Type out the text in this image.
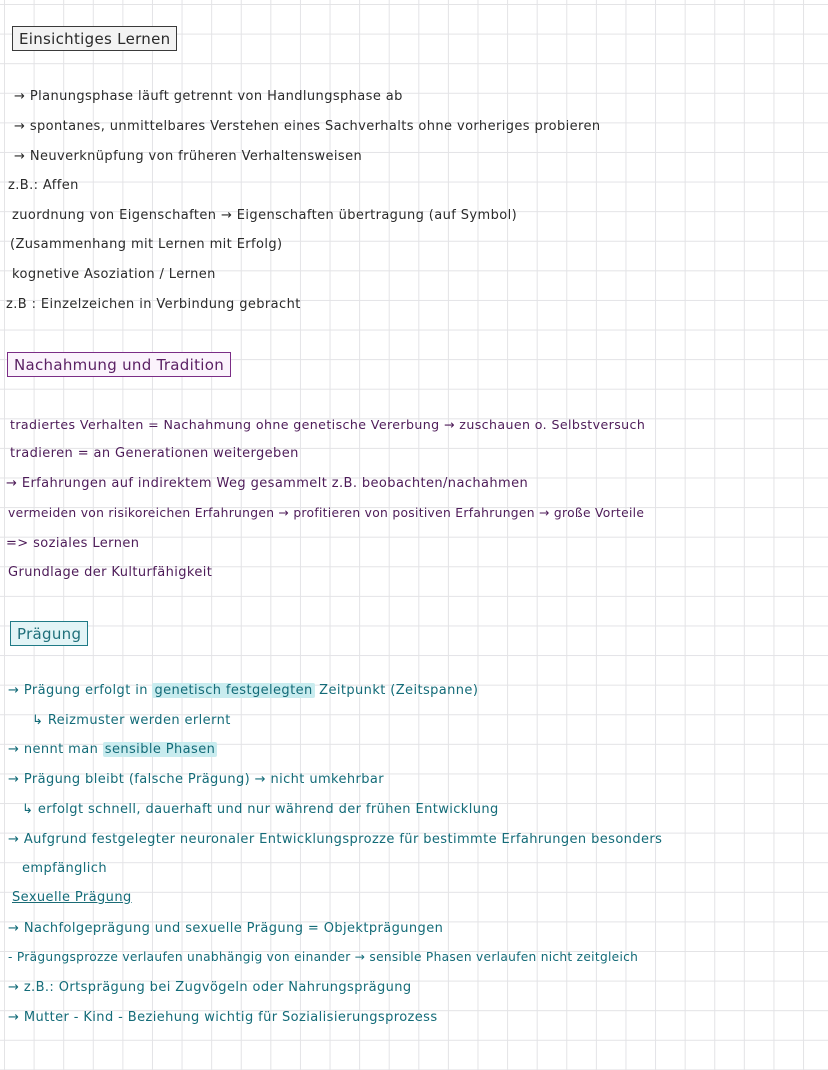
Einsichtiges Lernen
→ Planungsphase läuft getrennt von Handlungsphase ab
→ spontanes, unmittelbares Verstehen eines Sachverhalts ohne vorheriges probieren
→ Neuverknüpfung von früheren Verhaltensweisen
z.B.: Affen
zuordnung von Eigenschaften → Eigenschaften übertragung (auf Symbol)
(Zusammenhang mit Lernen mit Erfolg)
kognetive Asoziation / Lernen
z.B : Einzelzeichen in Verbindung gebracht
Nachahmung und Tradition
tradiertes Verhalten = Nachahmung ohne genetische Vererbung → zuschauen o. Selbstversuch
tradieren = an Generationen weitergeben
→ Erfahrungen auf indirektem Weg gesammelt z.B. beobachten/nachahmen
vermeiden von risikoreichen Erfahrungen → profitieren von positiven Erfahrungen → große Vorteile
=> soziales Lernen
Grundlage der Kulturfähigkeit
Prägung
→ Prägung erfolgt in genetisch festgelegten Zeitpunkt (Zeitspanne)
↳ Reizmuster werden erlernt
→ nennt man sensible Phasen
→ Prägung bleibt (falsche Prägung) → nicht umkehrbar
↳ erfolgt schnell, dauerhaft und nur während der frühen Entwicklung
→ Aufgrund festgelegter neuronaler Entwicklungsprozze für bestimmte Erfahrungen besonders
empfänglich
Sexuelle Prägung
→ Nachfolgeprägung und sexuelle Prägung = Objektprägungen
- Prägungsprozze verlaufen unabhängig von einander → sensible Phasen verlaufen nicht zeitgleich
→ z.B.: Ortsprägung bei Zugvögeln oder Nahrungsprägung
→ Mutter - Kind - Beziehung wichtig für Sozialisierungsprozess
